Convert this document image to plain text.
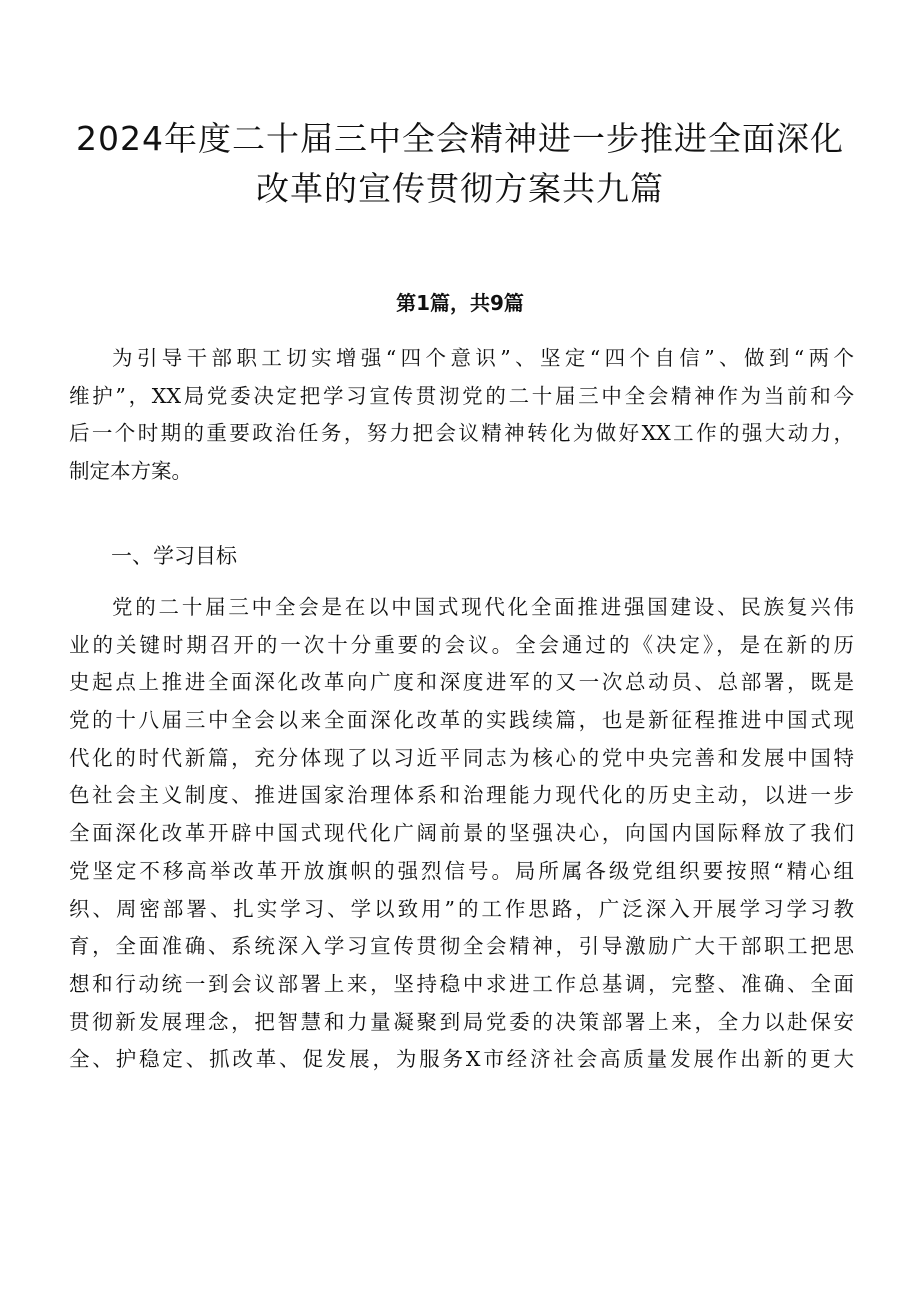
2024年度二十届三中全会精神进一步推进全面深化
改革的宣传贯彻方案共九篇
第1篇，共9篇
为引导干部职工切实增强“四个意识”、坚定“四个自信”、做到“两个
维护”，XX局党委决定把学习宣传贯沏党的二十届三中全会精神作为当前和今
后一个时期的重要政治任务，努力把会议精神转化为做好XX工作的强大动力，
制定本方案。
一、学习目标
党的二十届三中全会是在以中国式现代化全面推进强国建设、民族复兴伟
业的关键时期召开的一次十分重要的会议。全会通过的《决定》，是在新的历
史起点上推进全面深化改革向广度和深度进军的又一次总动员、总部署，既是
党的十八届三中全会以来全面深化改革的实践续篇，也是新征程推进中国式现
代化的时代新篇，充分体现了以习近平同志为核心的党中央完善和发展中国特
色社会主义制度、推进国家治理体系和治理能力现代化的历史主动，以进一步
全面深化改革开辟中国式现代化广阔前景的坚强决心，向国内国际释放了我们
党坚定不移高举改革开放旗帜的强烈信号。局所属各级党组织要按照“精心组
织、周密部署、扎实学习、学以致用”的工作思路，广泛深入开展学习学习教
育，全面准确、系统深入学习宣传贯彻全会精神，引导激励广大干部职工把思
想和行动统一到会议部署上来，坚持稳中求进工作总基调，完整、准确、全面
贯彻新发展理念，把智慧和力量凝聚到局党委的决策部署上来，全力以赴保安
全、护稳定、抓改革、促发展，为服务X市经济社会高质量发展作出新的更大
